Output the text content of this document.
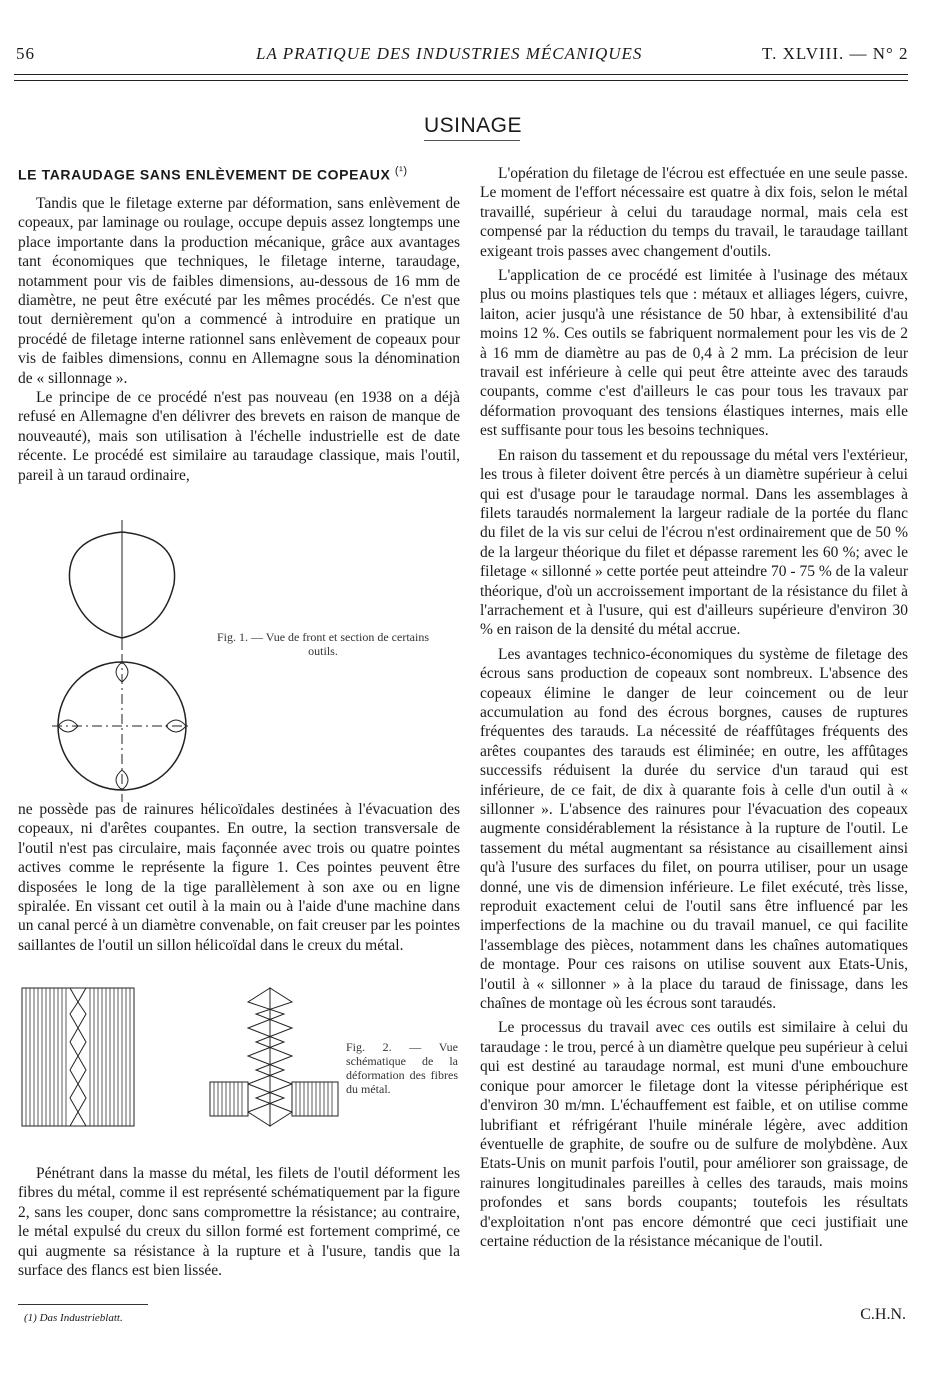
56	LA PRATIQUE DES INDUSTRIES MÉCANIQUES	T. XLVIII. — N° 2
USINAGE
LE TARAUDAGE SANS ENLÈVEMENT DE COPEAUX $^{(^1)}$

Tandis que le filetage externe par déformation, sans enlèvement de copeaux, par laminage ou roulage, occupe depuis assez longtemps une place importante dans la production mécanique, grâce aux avantages tant économiques que techniques, le filetage interne, taraudage, notamment pour vis de faibles dimensions, au-dessous de 16 mm de diamètre, ne peut être exécuté par les mêmes procédés. Ce n'est que tout dernièrement qu'on a commencé à introduire en pratique un procédé de filetage interne rationnel sans enlèvement de copeaux pour vis de faibles dimensions, connu en Allemagne sous la dénomination de « sillonnage ».

Le principe de ce procédé n'est pas nouveau (en 1938 on a déjà refusé en Allemagne d'en délivrer des brevets en raison de manque de nouveauté), mais son utilisation à l'échelle industrielle est de date récente. Le procédé est similaire au taraudage classique, mais l'outil, pareil à un taraud ordinaire,

Fig. 1. — Vue de front et section de certains outils.

ne possède pas de rainures hélicoïdales destinées à l'évacuation des copeaux, ni d'arêtes coupantes. En outre, la section transversale de l'outil n'est pas circulaire, mais façonnée avec trois ou quatre pointes actives comme le représente la figure 1. Ces pointes peuvent être disposées le long de la tige parallèlement à son axe ou en ligne spiralée. En vissant cet outil à la main ou à l'aide d'une machine dans un canal percé à un diamètre convenable, on fait creuser par les pointes saillantes de l'outil un sillon hélicoïdal dans le creux du métal.

Fig. 2. — Vue schématique de la déformation des fibres du métal.

Pénétrant dans la masse du métal, les filets de l'outil déforment les fibres du métal, comme il est représenté schématiquement par la figure 2, sans les couper, donc sans compromettre la résistance; au contraire, le métal expulsé du creux du sillon formé est fortement comprimé, ce qui augmente sa résistance à la rupture et à l'usure, tandis que la surface des flancs est bien lissée.

(1) Das Industrieblatt.

L'opération du filetage de l'écrou est effectuée en une seule passe. Le moment de l'effort nécessaire est quatre à dix fois, selon le métal travaillé, supérieur à celui du taraudage normal, mais cela est compensé par la réduction du temps du travail, le taraudage taillant exigeant trois passes avec changement d'outils.

L'application de ce procédé est limitée à l'usinage des métaux plus ou moins plastiques tels que : métaux et alliages légers, cuivre, laiton, acier jusqu'à une résistance de 50 hbar, à extensibilité d'au moins 12 %. Ces outils se fabriquent normalement pour les vis de 2 à 16 mm de diamètre au pas de 0,4 à 2 mm. La précision de leur travail est inférieure à celle qui peut être atteinte avec des tarauds coupants, comme c'est d'ailleurs le cas pour tous les travaux par déformation provoquant des tensions élastiques internes, mais elle est suffisante pour tous les besoins techniques.

En raison du tassement et du repoussage du métal vers l'extérieur, les trous à fileter doivent être percés à un diamètre supérieur à celui qui est d'usage pour le taraudage normal. Dans les assemblages à filets taraudés normalement la largeur radiale de la portée du flanc du filet de la vis sur celui de l'écrou n'est ordinairement que de 50 % de la largeur théorique du filet et dépasse rarement les 60 %; avec le filetage « sillonné » cette portée peut atteindre 70 - 75 % de la valeur théorique, d'où un accroissement important de la résistance du filet à l'arrachement et à l'usure, qui est d'ailleurs supérieure d'environ 30 % en raison de la densité du métal accrue.

Les avantages technico-économiques du système de filetage des écrous sans production de copeaux sont nombreux. L'absence des copeaux élimine le danger de leur coincement ou de leur accumulation au fond des écrous borgnes, causes de ruptures fréquentes des tarauds. La nécessité de réaffûtages fréquents des arêtes coupantes des tarauds est éliminée; en outre, les affûtages successifs réduisent la durée du service d'un taraud qui est inférieure, de ce fait, de dix à quarante fois à celle d'un outil à « sillonner ». L'absence des rainures pour l'évacuation des copeaux augmente considérablement la résistance à la rupture de l'outil. Le tassement du métal augmentant sa résistance au cisaillement ainsi qu'à l'usure des surfaces du filet, on pourra utiliser, pour un usage donné, une vis de dimension inférieure. Le filet exécuté, très lisse, reproduit exactement celui de l'outil sans être influencé par les imperfections de la machine ou du travail manuel, ce qui facilite l'assemblage des pièces, notamment dans les chaînes automatiques de montage. Pour ces raisons on utilise souvent aux Etats-Unis, l'outil à « sillonner » à la place du taraud de finissage, dans les chaînes de montage où les écrous sont taraudés.

Le processus du travail avec ces outils est similaire à celui du taraudage : le trou, percé à un diamètre quelque peu supérieur à celui qui est destiné au taraudage normal, est muni d'une embouchure conique pour amorcer le filetage dont la vitesse périphérique est d'environ 30 m/mn. L'échauffement est faible, et on utilise comme lubrifiant et réfrigérant l'huile minérale légère, avec addition éventuelle de graphite, de soufre ou de sulfure de molybdène. Aux Etats-Unis on munit parfois l'outil, pour améliorer son graissage, de rainures longitudinales pareilles à celles des tarauds, mais moins profondes et sans bords coupants; toutefois les résultats d'exploitation n'ont pas encore démontré que ceci justifiait une certaine réduction de la résistance mécanique de l'outil.

C.H.N.
